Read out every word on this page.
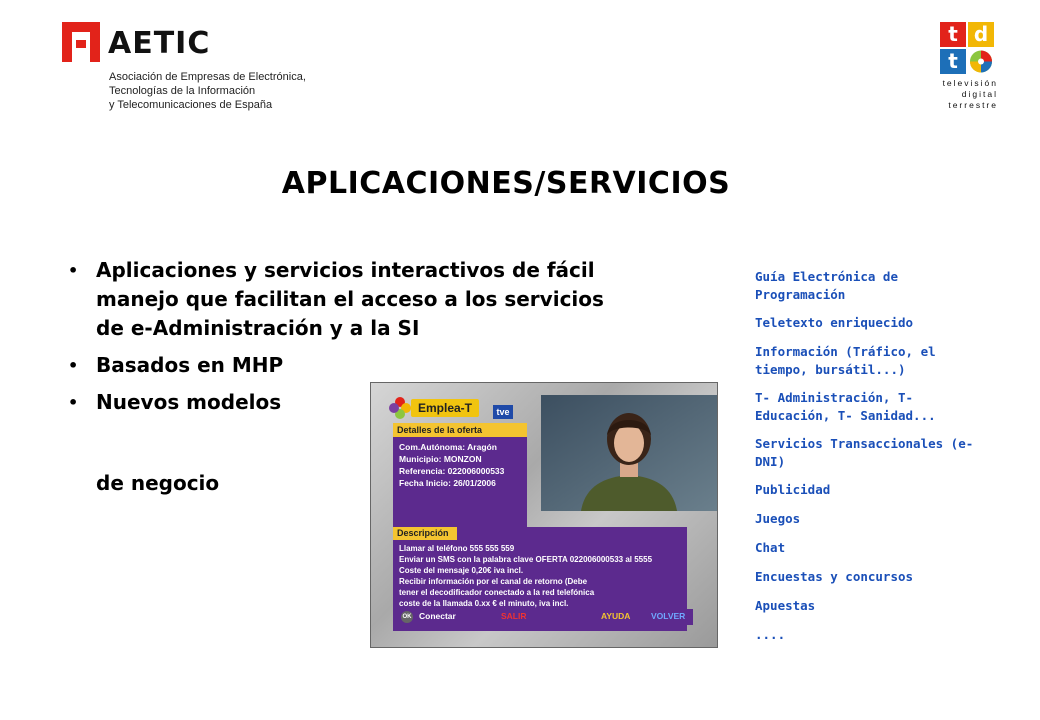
AETIC
Asociación de Empresas de Electrónica,
Tecnologías de la Información
y Telecomunicaciones de España
t d
t
televisión
digital
terrestre
APLICACIONES/SERVICIOS
• Aplicaciones y servicios interactivos de fácil manejo que facilitan el acceso a los servicios de e-Administración y a la SI
• Basados en MHP
• Nuevos modelos
de negocio
Emplea-T	tve
Detalles de la oferta
Com.Autónoma: Aragón
Municipio: MONZON
Referencia: 022006000533
Fecha Inicio: 26/01/2006
Descripción
Llamar al teléfono 555 555 559
Enviar un SMS con la palabra clave OFERTA 022006000533 al 5555
Coste del mensaje 0,20€ iva incl.
Recibir información por el canal de retorno (Debe
tener el decodificador conectado a la red telefónica
coste de la llamada 0.xx € el minuto, iva incl.
OK Conectar	SALIR	AYUDA VOLVER
Guía Electrónica de Programación
Teletexto enriquecido
Información (Tráfico, el tiempo, bursátil...)
T- Administración, T- Educación, T- Sanidad...
Servicios Transaccionales (e-DNI)
Publicidad
Juegos
Chat
Encuestas y concursos
Apuestas
....
